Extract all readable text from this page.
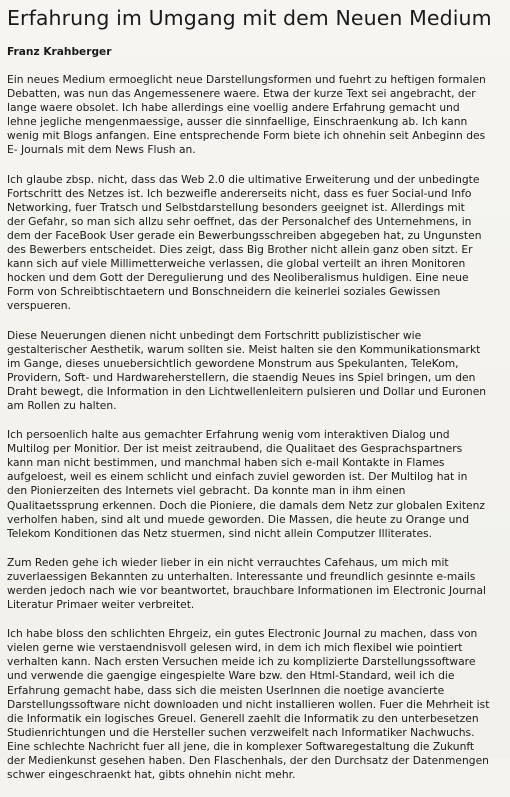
Erfahrung im Umgang mit dem Neuen Medium
Franz Krahberger
Ein neues Medium ermoeglicht neue Darstellungsformen und fuehrt zu heftigen formalen
Debatten, was nun das Angemessenere waere. Etwa der kurze Text sei angebracht, der
lange waere obsolet. Ich habe allerdings eine voellig andere Erfahrung gemacht und
lehne jegliche mengenmaessige, ausser die sinnfaellige, Einschraenkung ab. Ich kann
wenig mit Blogs anfangen. Eine entsprechende Form biete ich ohnehin seit Anbeginn des
E- Journals mit dem News Flush an.
Ich glaube zbsp. nicht, dass das Web 2.0 die ultimative Erweiterung und der unbedingte
Fortschritt des Netzes ist. Ich bezweifle andererseits nicht, dass es fuer Social-und Info
Networking, fuer Tratsch und Selbstdarstellung besonders geeignet ist. Allerdings mit
der Gefahr, so man sich allzu sehr oeffnet, das der Personalchef des Unternehmens, in
dem der FaceBook User gerade ein Bewerbungsschreiben abgegeben hat, zu Ungunsten
des Bewerbers entscheidet. Dies zeigt, dass Big Brother nicht allein ganz oben sitzt. Er
kann sich auf viele Millimetterweiche verlassen, die global verteilt an ihren Monitoren
hocken und dem Gott der Deregulierung und des Neoliberalismus huldigen. Eine neue
Form von Schreibtischtaetern und Bonschneidern die keinerlei soziales Gewissen
verspueren.
Diese Neuerungen dienen nicht unbedingt dem Fortschritt publizistischer wie
gestalterischer Aesthetik, warum sollten sie. Meist halten sie den Kommunikationsmarkt
im Gange, dieses unuebersichtlich gewordene Monstrum aus Spekulanten, TeleKom,
Providern, Soft- und Hardwareherstellern, die staendig Neues ins Spiel bringen, um den
Draht bewegt, die Information in den Lichtwellenleitern pulsieren und Dollar und Euronen
am Rollen zu halten.
Ich persoenlich halte aus gemachter Erfahrung wenig vom interaktiven Dialog und
Multilog per Monitior. Der ist meist zeitraubend, die Qualitaet des Gesprachspartners
kann man nicht bestimmen, und manchmal haben sich e-mail Kontakte in Flames
aufgeloest, weil es einem schlicht und einfach zuviel geworden ist. Der Multilog hat in
den Pionierzeiten des Internets viel gebracht. Da konnte man in ihm einen
Qualitaetssprung erkennen. Doch die Pioniere, die damals dem Netz zur globalen Exitenz
verholfen haben, sind alt und muede geworden. Die Massen, die heute zu Orange und
Telekom Konditionen das Netz stuermen, sind nicht allein Computzer Illiterates.
Zum Reden gehe ich wieder lieber in ein nicht verrauchtes Cafehaus, um mich mit
zuverlaessigen Bekannten zu unterhalten. Interessante und freundlich gesinnte e-mails
werden jedoch nach wie vor beantwortet, brauchbare Informationen im Electronic Journal
Literatur Primaer weiter verbreitet.
Ich habe bloss den schlichten Ehrgeiz, ein gutes Electronic Journal zu machen, dass von
vielen gerne wie verstaendnisvoll gelesen wird, in dem ich mich flexibel wie pointiert
verhalten kann. Nach ersten Versuchen meide ich zu komplizierte Darstellungssoftware
und verwende die gaengige eingespielte Ware bzw. den Html-Standard, weil ich die
Erfahrung gemacht habe, dass sich die meisten UserInnen die noetige avancierte
Darstellungssoftware nicht downloaden und nicht installieren wollen. Fuer die Mehrheit ist
die Informatik ein logisches Greuel. Generell zaehlt die Informatik zu den unterbesetzen
Studienrichtungen und die Hersteller suchen verzweifelt nach Informatiker Nachwuchs.
Eine schlechte Nachricht fuer all jene, die in komplexer Softwaregestaltung die Zukunft
der Medienkunst gesehen haben. Den Flaschenhals, der den Durchsatz der Datenmengen
schwer eingeschraenkt hat, gibts ohnehin nicht mehr.
